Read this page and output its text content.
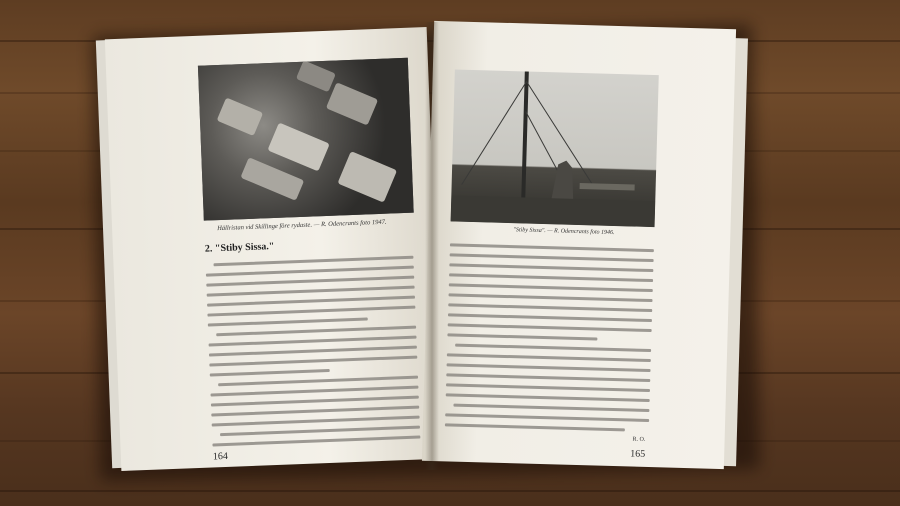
Hällristan vid Skillinge före rydaste. — R. Odencrants foto 1947.
2. "Stiby Sissa."
164
"Stiby Sissa". — R. Odencrants foto 1946.
R. O.
165
